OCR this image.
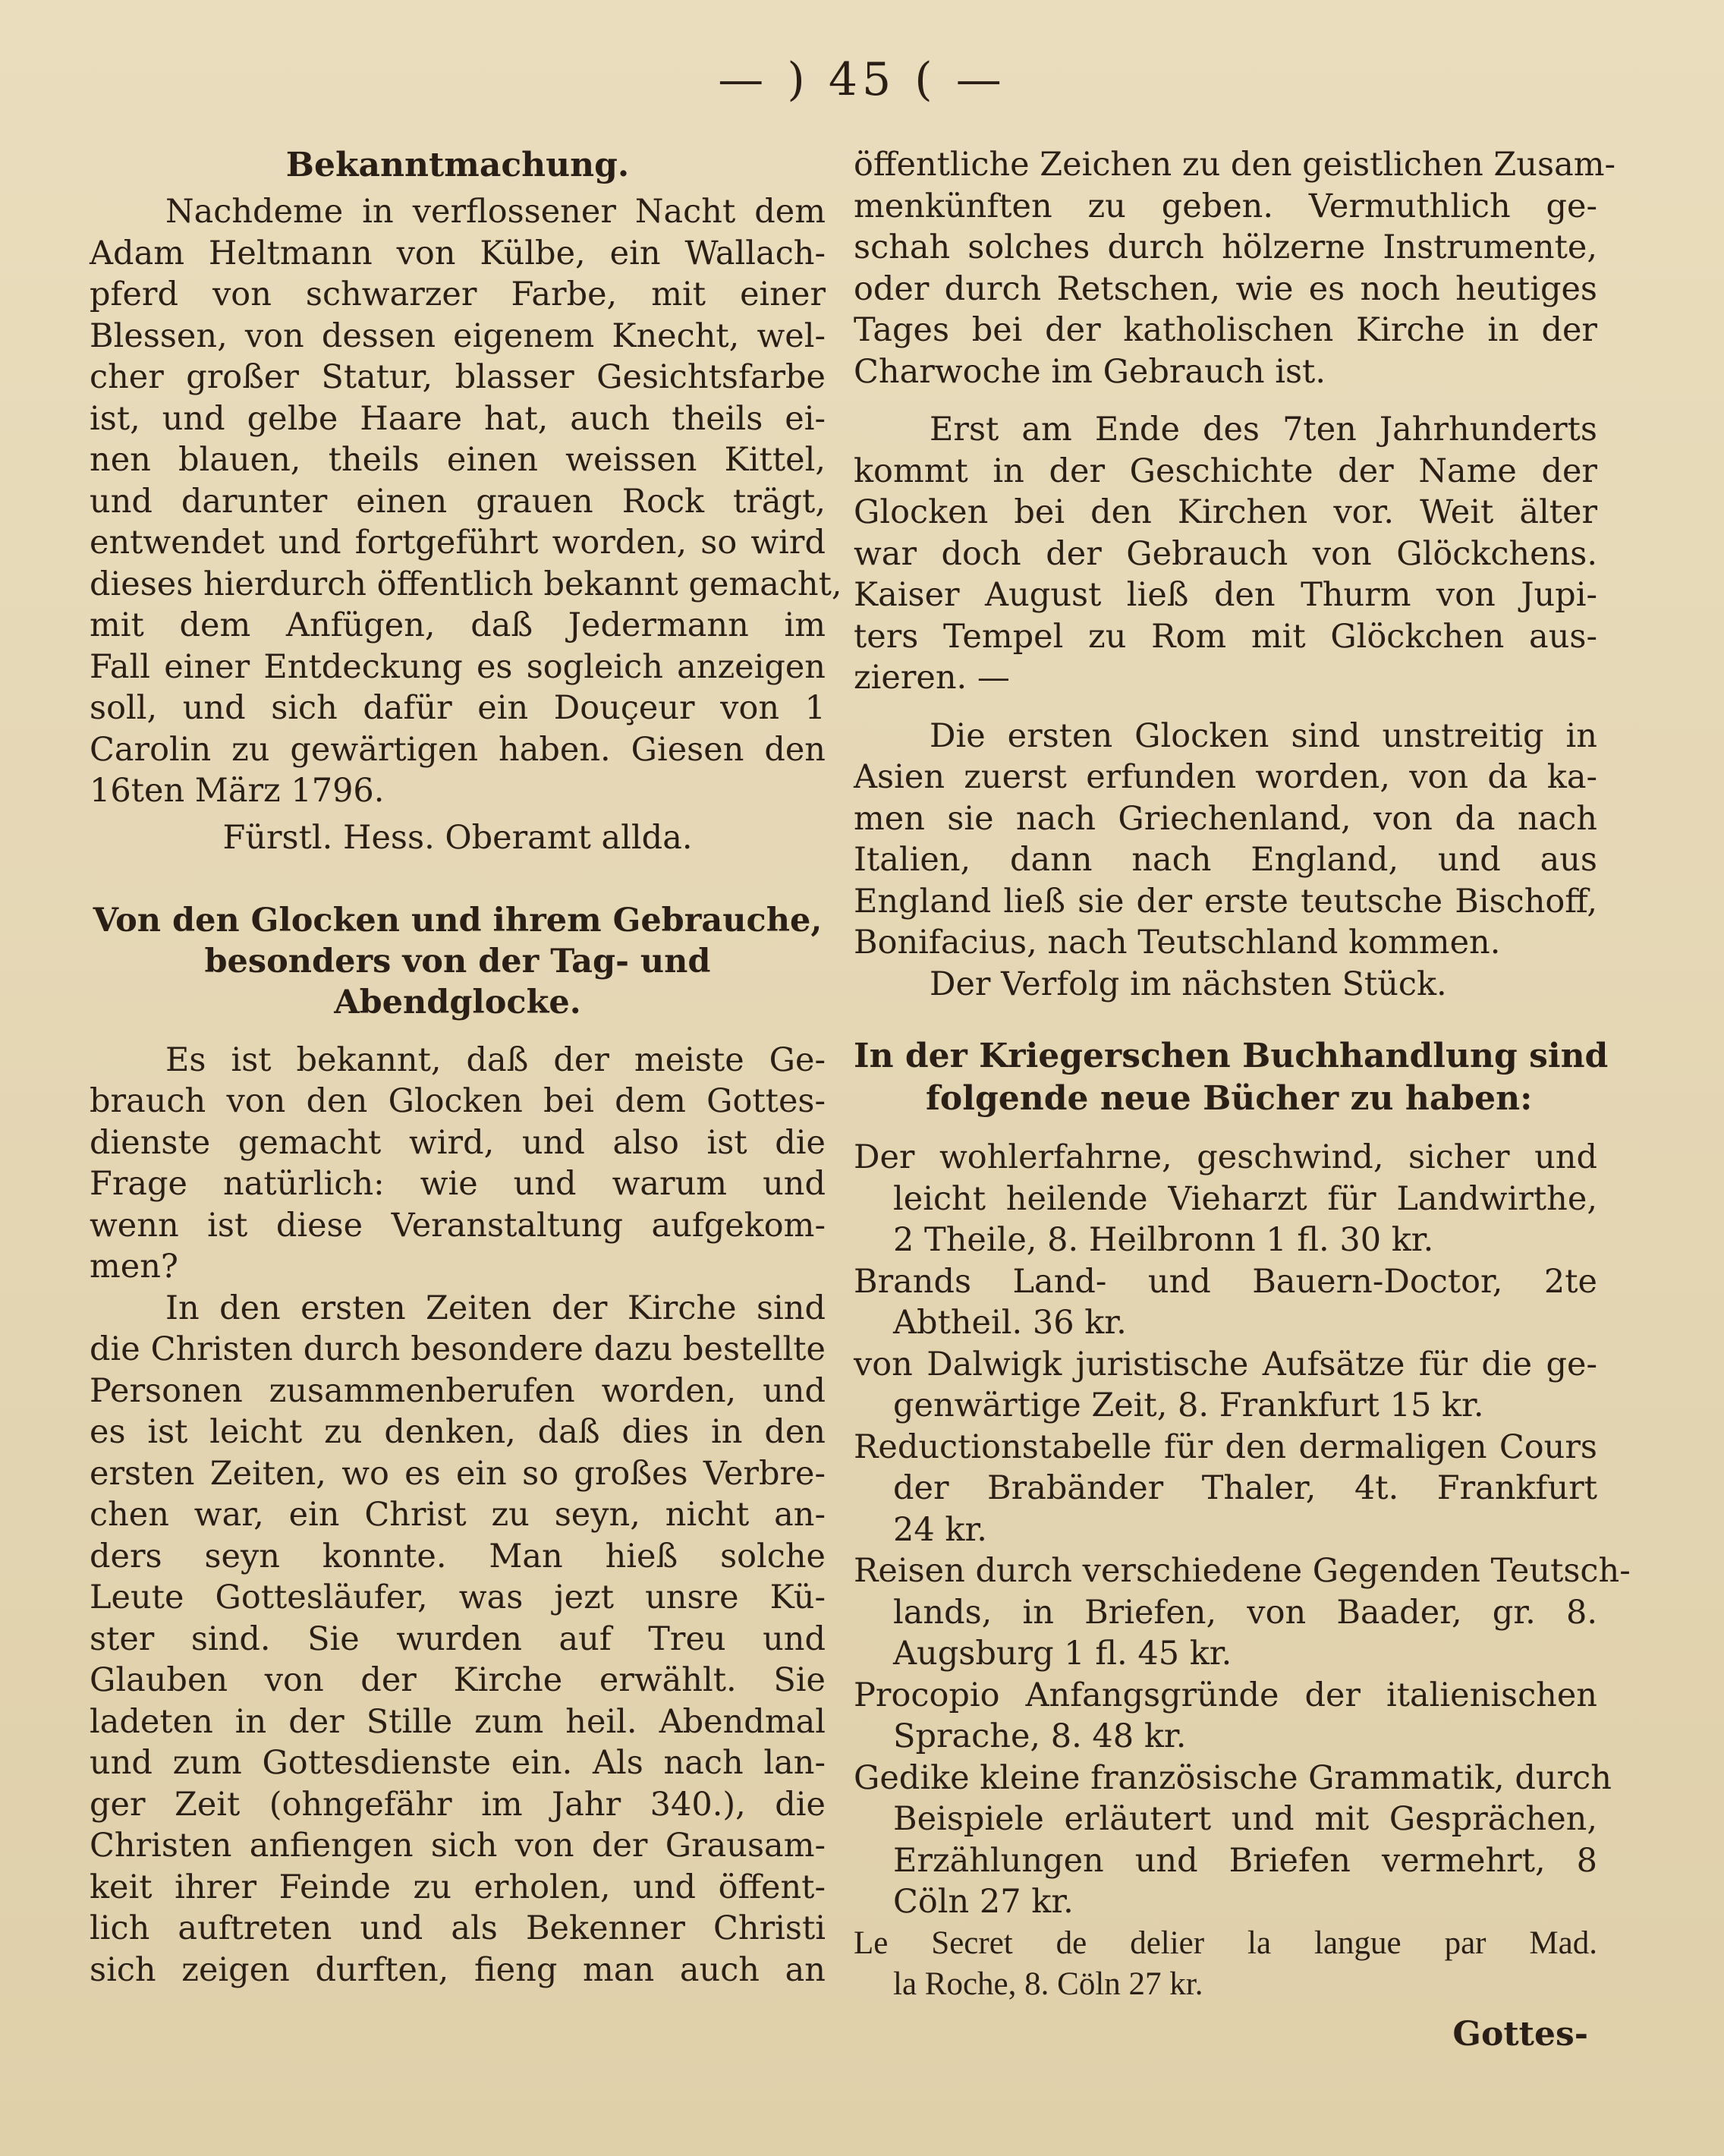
— ) 45 ( —
Bekanntmachung.
Nachdeme in verflossener Nacht dem
Adam Heltmann von Külbe, ein Wallach-
pferd von schwarzer Farbe, mit einer
Blessen, von dessen eigenem Knecht, wel-
cher großer Statur, blasser Gesichtsfarbe
ist, und gelbe Haare hat, auch theils ei-
nen blauen, theils einen weissen Kittel,
und darunter einen grauen Rock trägt,
entwendet und fortgeführt worden, so wird
dieses hierdurch öffentlich bekannt gemacht,
mit dem Anfügen, daß Jedermann im
Fall einer Entdeckung es sogleich anzeigen
soll, und sich dafür ein Douçeur von 1
Carolin zu gewärtigen haben. Giesen den
16ten März 1796.
Fürstl. Hess. Oberamt allda.
Von den Glocken und ihrem Gebrauche,
besonders von der Tag- und
Abendglocke.
Es ist bekannt, daß der meiste Ge-
brauch von den Glocken bei dem Gottes-
dienste gemacht wird, und also ist die
Frage natürlich: wie und warum und
wenn ist diese Veranstaltung aufgekom-
men?
In den ersten Zeiten der Kirche sind
die Christen durch besondere dazu bestellte
Personen zusammenberufen worden, und
es ist leicht zu denken, daß dies in den
ersten Zeiten, wo es ein so großes Verbre-
chen war, ein Christ zu seyn, nicht an-
ders seyn konnte. Man hieß solche
Leute Gottesläufer, was jezt unsre Kü-
ster sind. Sie wurden auf Treu und
Glauben von der Kirche erwählt. Sie
ladeten in der Stille zum heil. Abendmal
und zum Gottesdienste ein. Als nach lan-
ger Zeit (ohngefähr im Jahr 340.), die
Christen anfiengen sich von der Grausam-
keit ihrer Feinde zu erholen, und öffent-
lich auftreten und als Bekenner Christi
sich zeigen durften, fieng man auch an
öffentliche Zeichen zu den geistlichen Zusam-
menkünften zu geben. Vermuthlich ge-
schah solches durch hölzerne Instrumente,
oder durch Retschen, wie es noch heutiges
Tages bei der katholischen Kirche in der
Charwoche im Gebrauch ist.
Erst am Ende des 7ten Jahrhunderts
kommt in der Geschichte der Name der
Glocken bei den Kirchen vor. Weit älter
war doch der Gebrauch von Glöckchens.
Kaiser August ließ den Thurm von Jupi-
ters Tempel zu Rom mit Glöckchen aus-
zieren. —
Die ersten Glocken sind unstreitig in
Asien zuerst erfunden worden, von da ka-
men sie nach Griechenland, von da nach
Italien, dann nach England, und aus
England ließ sie der erste teutsche Bischoff,
Bonifacius, nach Teutschland kommen.
Der Verfolg im nächsten Stück.
In der Kriegerschen Buchhandlung sind
folgende neue Bücher zu haben:
Der wohlerfahrne, geschwind, sicher und
leicht heilende Vieharzt für Landwirthe,
2 Theile, 8. Heilbronn 1 fl. 30 kr.
Brands Land- und Bauern-Doctor, 2te
Abtheil. 36 kr.
von Dalwigk juristische Aufsätze für die ge-
genwärtige Zeit, 8. Frankfurt 15 kr.
Reductionstabelle für den dermaligen Cours
der Brabänder Thaler, 4t. Frankfurt
24 kr.
Reisen durch verschiedene Gegenden Teutsch-
lands, in Briefen, von Baader, gr. 8.
Augsburg 1 fl. 45 kr.
Procopio Anfangsgründe der italienischen
Sprache, 8. 48 kr.
Gedike kleine französische Grammatik, durch
Beispiele erläutert und mit Gesprächen,
Erzählungen und Briefen vermehrt, 8
Cöln 27 kr.
Le Secret de delier la langue par Mad.
la Roche, 8. Cöln 27 kr.
Gottes-
